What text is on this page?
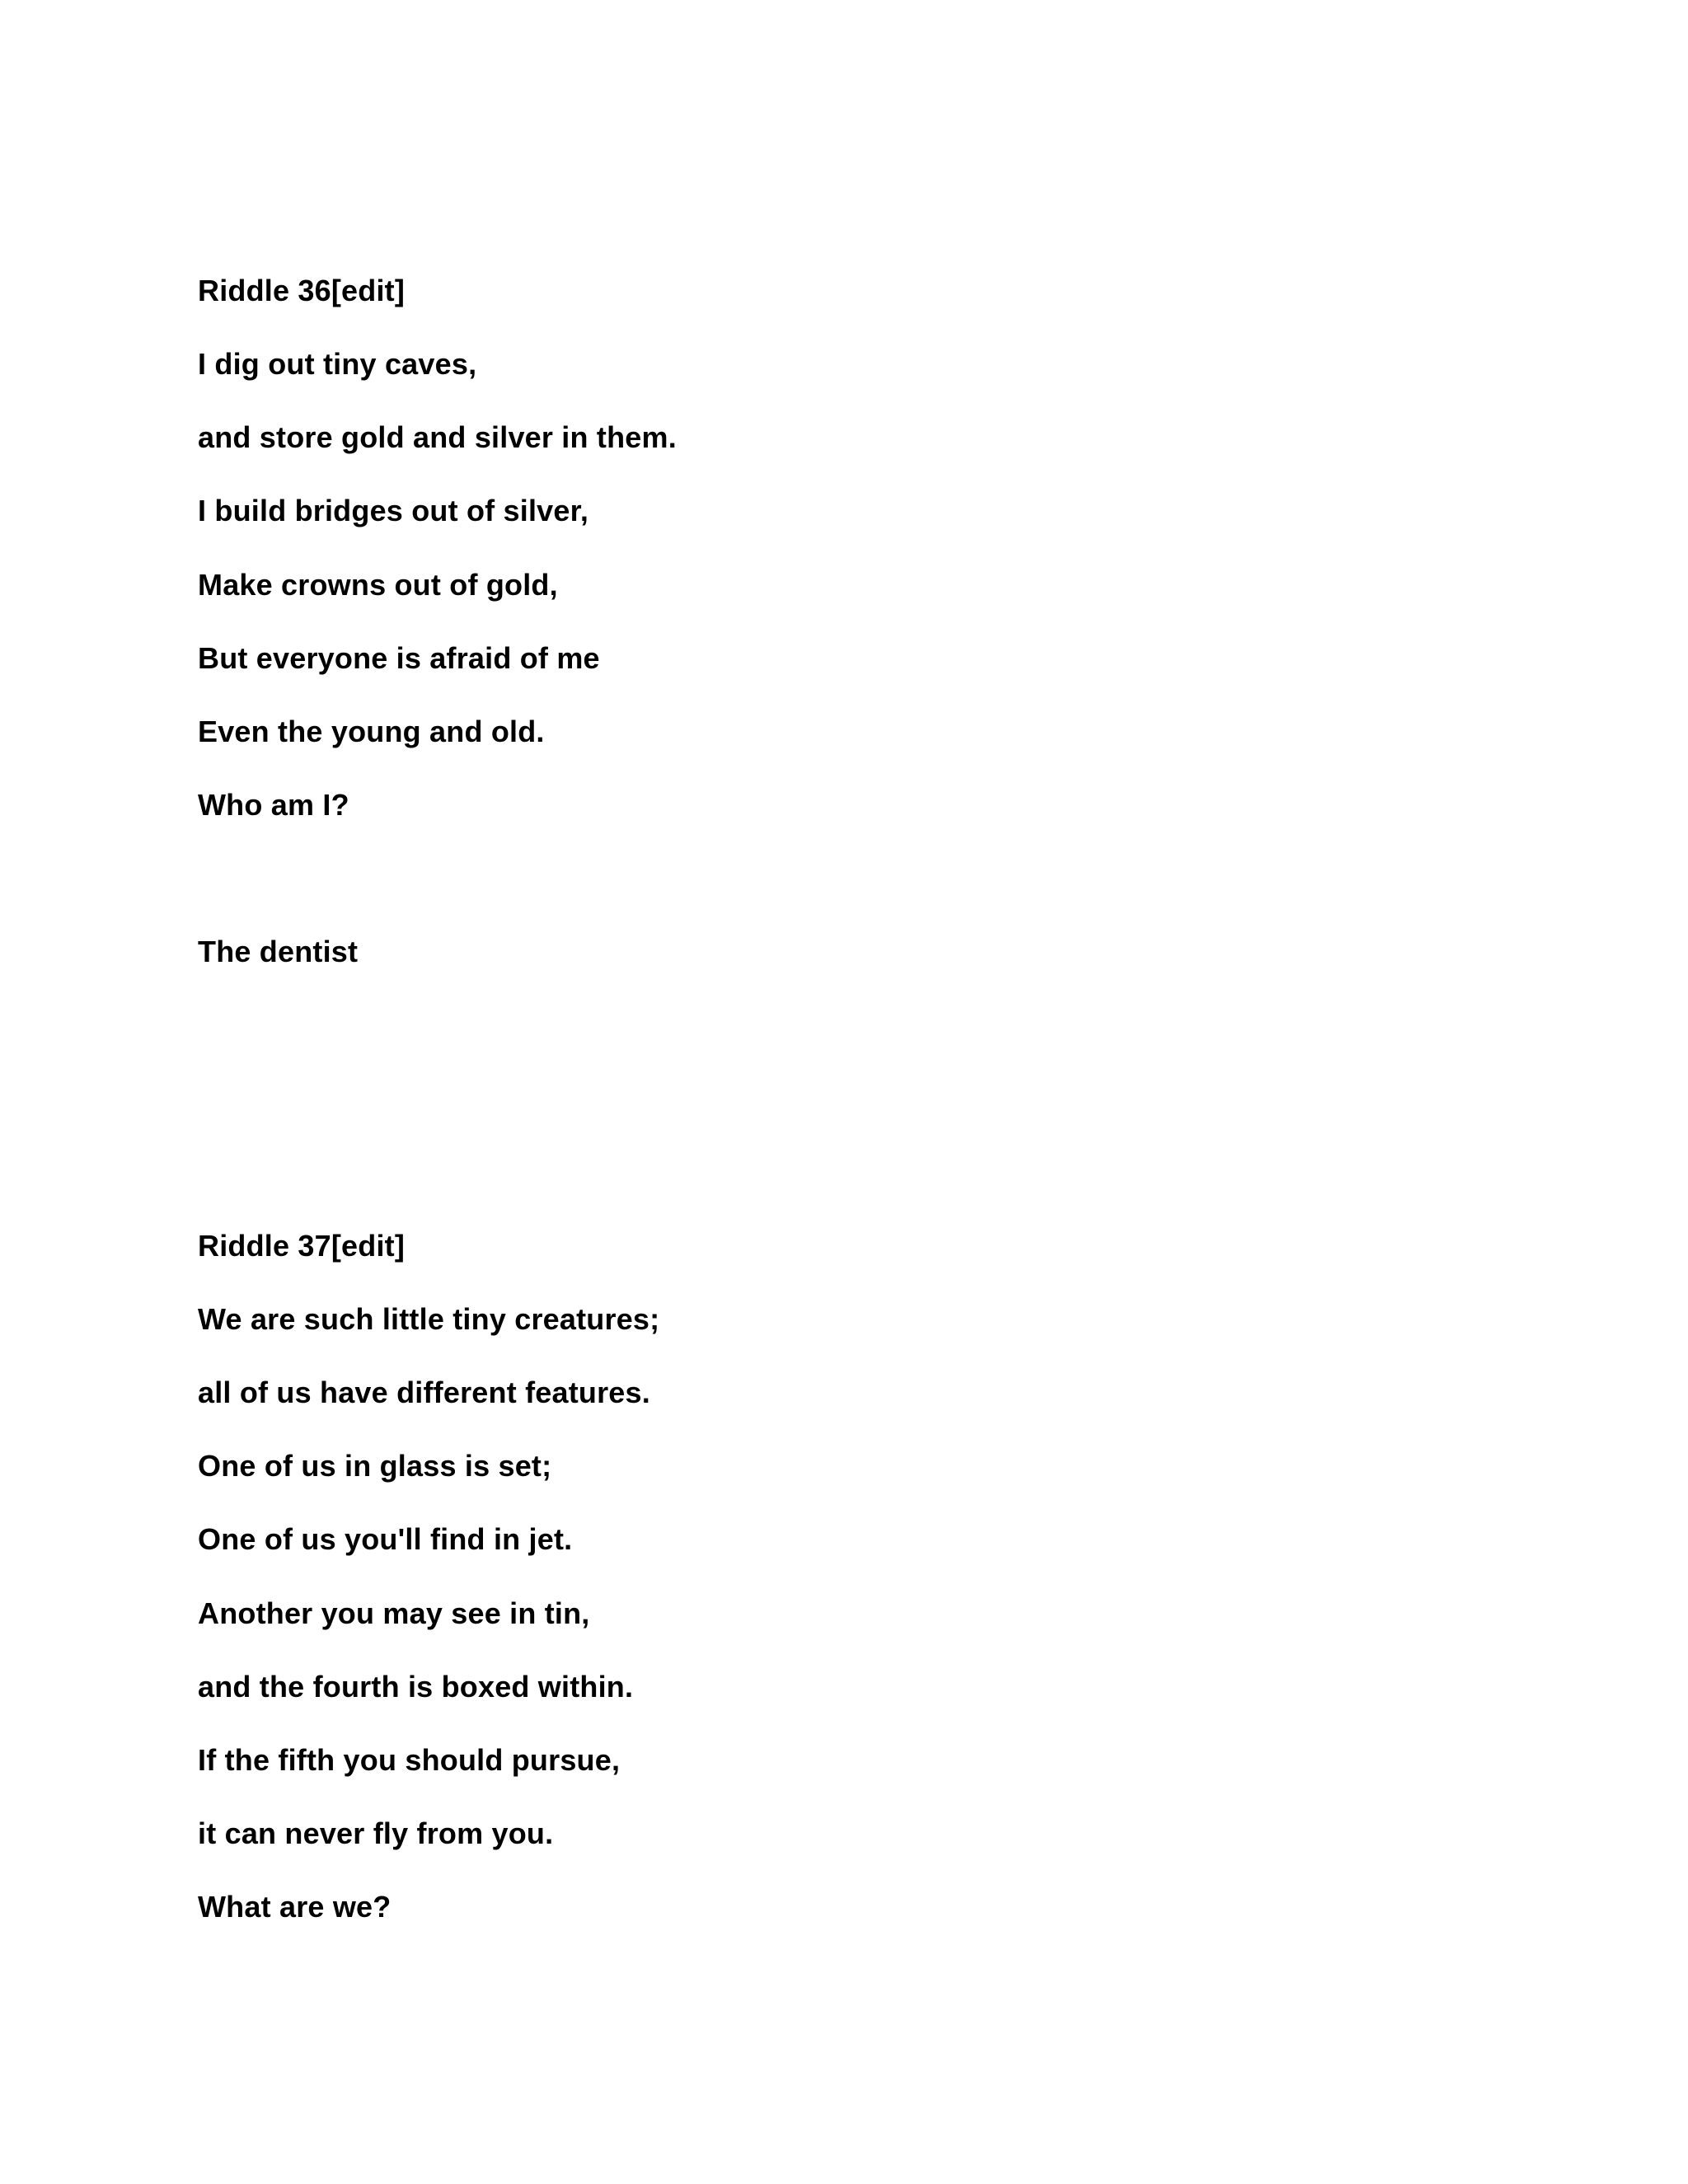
Riddle 36[edit]

I dig out tiny caves,

and store gold and silver in them.

I build bridges out of silver,

Make crowns out of gold,

But everyone is afraid of me

Even the young and old.

Who am I?

The dentist

Riddle 37[edit]

We are such little tiny creatures;

all of us have different features.

One of us in glass is set;

One of us you'll find in jet.

Another you may see in tin,

and the fourth is boxed within.

If the fifth you should pursue,

it can never fly from you.

What are we?
